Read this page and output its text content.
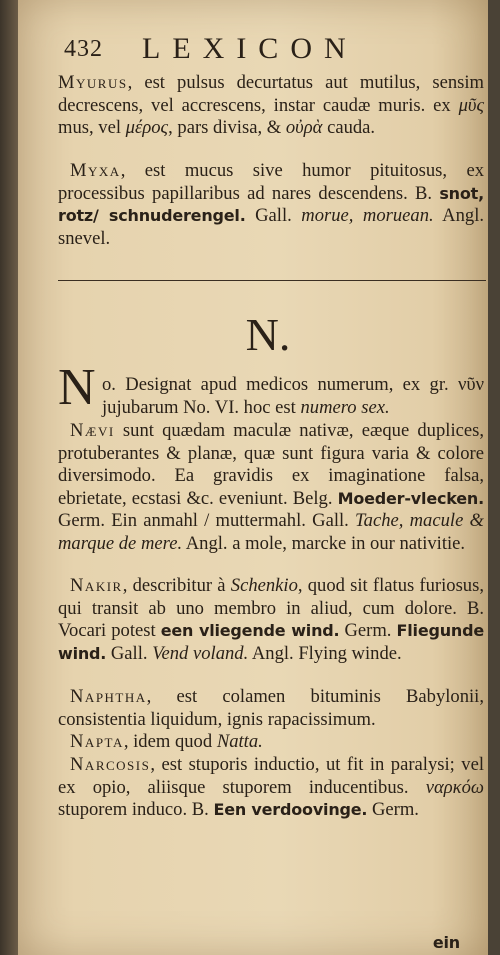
432 LEXICON
Myurus, est pulsus decurtatus aut mutilus, sensim decrescens, vel accrescens, instar caudæ muris. ex μῦς mus, vel μέρος, pars divisa, & οὐρὰ cauda.
Myxa, est mucus sive humor pituitosus, ex processibus papillaribus ad nares descendens. B. snot, rotz/ schnuderengel. Gall. morue, moruean. Angl. snevel.
N.
N o. Designat apud medicos numerum, ex gr. νῦν jujubarum No. VI. hoc est numero sex.
Nævi sunt quædam maculæ nativæ, eæque duplices, protuberantes & planæ, quæ sunt figura varia & colore diversimodo. Ea gravidis ex imaginatione falsa, ebrietate, ecstasi &c. eveniunt. Belg. Moeder-vlecken. Germ. Ein anmahl / muttermahl. Gall. Tache, macule & marque de mere. Angl. a mole, marcke in our nativitie.
Nakir, describitur à Schenkio, quod sit flatus furiosus, qui transit ab uno membro in aliud, cum dolore. B. Vocari potest een vliegende wind. Germ. Fliegunde wind. Gall. Vend voland. Angl. Flying winde.
Naphtha, est colamen bituminis Babylonii, consistentia liquidum, ignis rapacissimum.
Napta, idem quod Natta.
Narcosis, est stuporis inductio, ut fit in paralysi; vel ex opio, aliisque stuporem inducentibus. ναρκόω stuporem induco. B. Een verdoovinge. Germ.
ein
